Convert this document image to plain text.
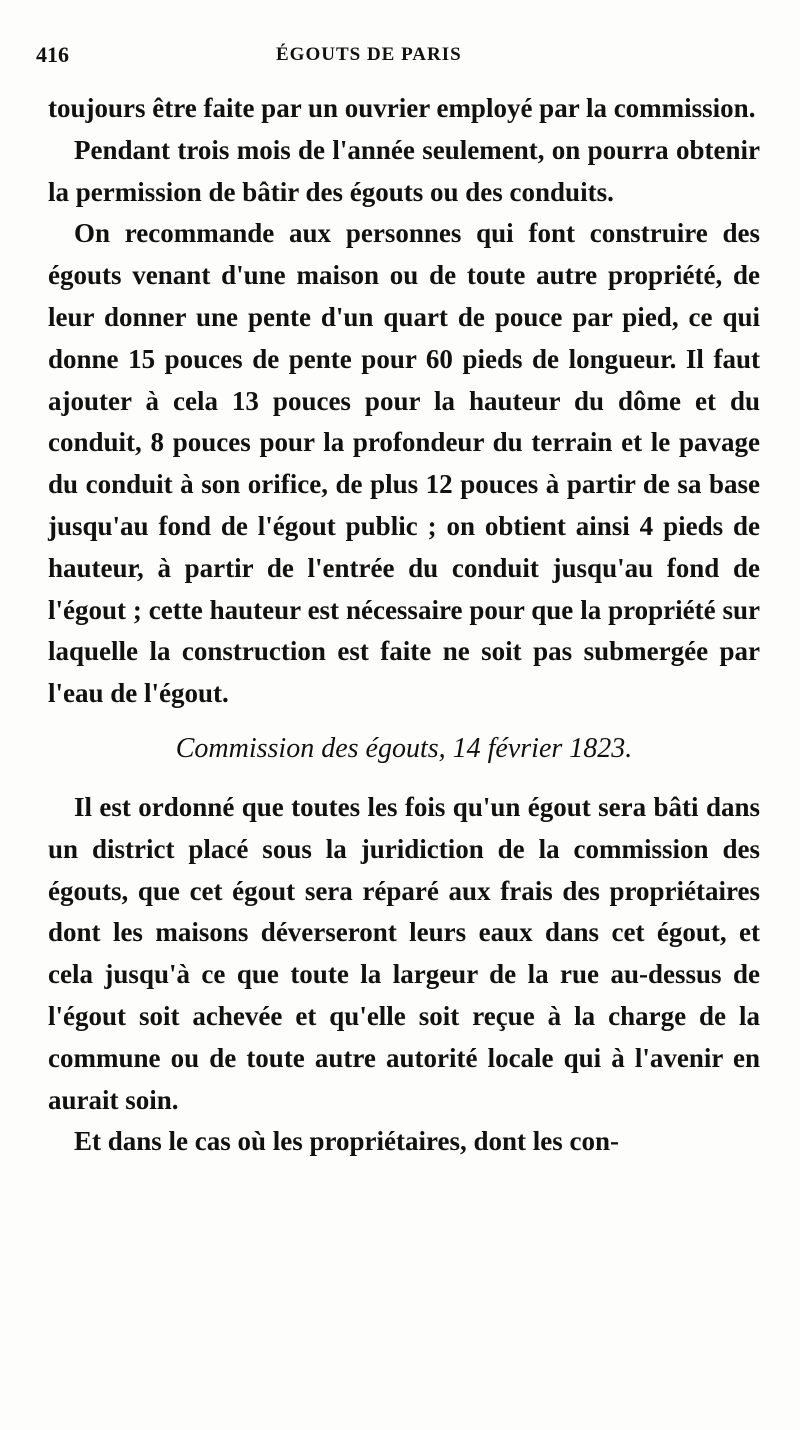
416	ÉGOUTS DE PARIS

toujours être faite par un ouvrier employé par la commission.

Pendant trois mois de l'année seulement, on pourra obtenir la permission de bâtir des égouts ou des conduits.

On recommande aux personnes qui font construire des égouts venant d'une maison ou de toute autre propriété, de leur donner une pente d'un quart de pouce par pied, ce qui donne 15 pouces de pente pour 60 pieds de longueur. Il faut ajouter à cela 13 pouces pour la hauteur du dôme et du conduit, 8 pouces pour la profondeur du terrain et le pavage du conduit à son orifice, de plus 12 pouces à partir de sa base jusqu'au fond de l'égout public ; on obtient ainsi 4 pieds de hauteur, à partir de l'entrée du conduit jusqu'au fond de l'égout ; cette hauteur est nécessaire pour que la propriété sur laquelle la construction est faite ne soit pas submergée par l'eau de l'égout.

Commission des égouts, 14 février 1823.

Il est ordonné que toutes les fois qu'un égout sera bâti dans un district placé sous la juridiction de la commission des égouts, que cet égout sera réparé aux frais des propriétaires dont les maisons déverseront leurs eaux dans cet égout, et cela jusqu'à ce que toute la largeur de la rue au-dessus de l'égout soit achevée et qu'elle soit reçue à la charge de la commune ou de toute autre autorité locale qui à l'avenir en aurait soin.

Et dans le cas où les propriétaires, dont les con-
